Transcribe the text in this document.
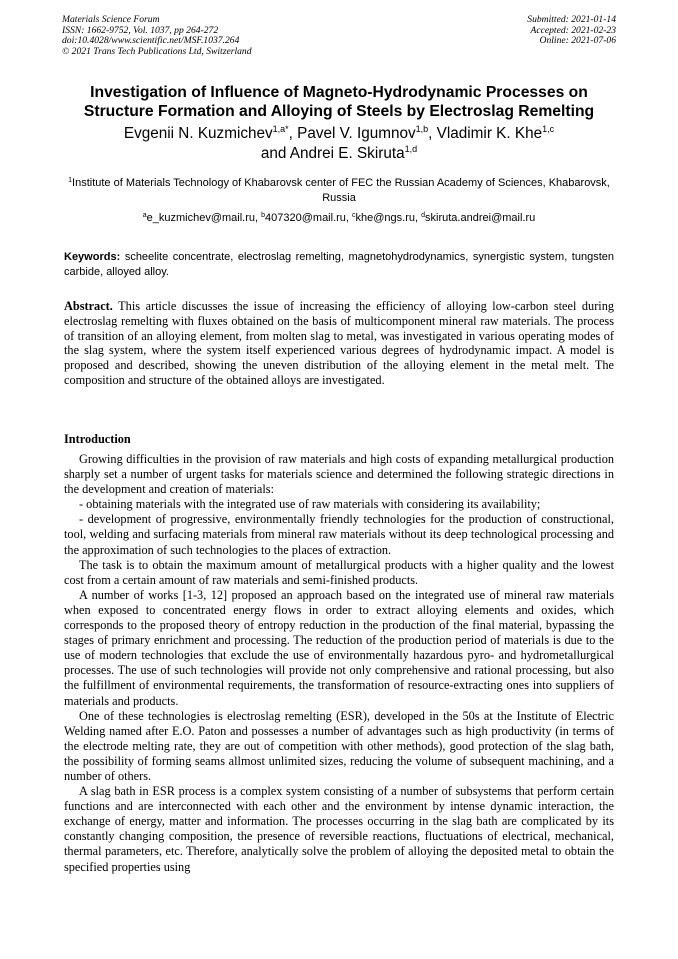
Materials Science Forum
ISSN: 1662-9752, Vol. 1037, pp 264-272
doi:10.4028/www.scientific.net/MSF.1037.264
© 2021 Trans Tech Publications Ltd, Switzerland
Submitted: 2021-01-14
Accepted: 2021-02-23
Online: 2021-07-06
Investigation of Influence of Magneto-Hydrodynamic Processes on
Structure Formation and Alloying of Steels by Electroslag Remelting
Evgenii N. Kuzmichev$^{1,a*}$, Pavel V. Igumnov$^{1,b}$, Vladimir K. Khe$^{1,c}$
and Andrei E. Skiruta$^{1,d}$
$^1$Institute of Materials Technology of Khabarovsk center of FEC the Russian Academy of Sciences, Khabarovsk, Russia
$^a$e_kuzmichev@mail.ru, $^b$407320@mail.ru, $^c$khe@ngs.ru, $^d$skiruta.andrei@mail.ru
Keywords: scheelite concentrate, electroslag remelting, magnetohydrodynamics, synergistic system, tungsten carbide, alloyed alloy.
Abstract. This article discusses the issue of increasing the efficiency of alloying low-carbon steel during electroslag remelting with fluxes obtained on the basis of multicomponent mineral raw materials. The process of transition of an alloying element, from molten slag to metal, was investigated in various operating modes of the slag system, where the system itself experienced various degrees of hydrodynamic impact. A model is proposed and described, showing the uneven distribution of the alloying element in the metal melt. The composition and structure of the obtained alloys are investigated.
Introduction

Growing difficulties in the provision of raw materials and high costs of expanding metallurgical production sharply set a number of urgent tasks for materials science and determined the following strategic directions in the development and creation of materials:

- obtaining materials with the integrated use of raw materials with considering its availability;

- development of progressive, environmentally friendly technologies for the production of constructional, tool, welding and surfacing materials from mineral raw materials without its deep technological processing and the approximation of such technologies to the places of extraction.

The task is to obtain the maximum amount of metallurgical products with a higher quality and the lowest cost from a certain amount of raw materials and semi-finished products.

A number of works [1-3, 12] proposed an approach based on the integrated use of mineral raw materials when exposed to concentrated energy flows in order to extract alloying elements and oxides, which corresponds to the proposed theory of entropy reduction in the production of the final material, bypassing the stages of primary enrichment and processing. The reduction of the production period of materials is due to the use of modern technologies that exclude the use of environmentally hazardous pyro- and hydrometallurgical processes. The use of such technologies will provide not only comprehensive and rational processing, but also the fulfillment of environmental requirements, the transformation of resource-extracting ones into suppliers of materials and products.

One of these technologies is electroslag remelting (ESR), developed in the 50s at the Institute of Electric Welding named after E.O. Paton and possesses a number of advantages such as high productivity (in terms of the electrode melting rate, they are out of competition with other methods), good protection of the slag bath, the possibility of forming seams allmost unlimited sizes, reducing the volume of subsequent machining, and a number of others.

A slag bath in ESR process is a complex system consisting of a number of subsystems that perform certain functions and are interconnected with each other and the environment by intense dynamic interaction, the exchange of energy, matter and information. The processes occurring in the slag bath are complicated by its constantly changing composition, the presence of reversible reactions, fluctuations of electrical, mechanical, thermal parameters, etc. Therefore, analytically solve the problem of alloying the deposited metal to obtain the specified properties using
